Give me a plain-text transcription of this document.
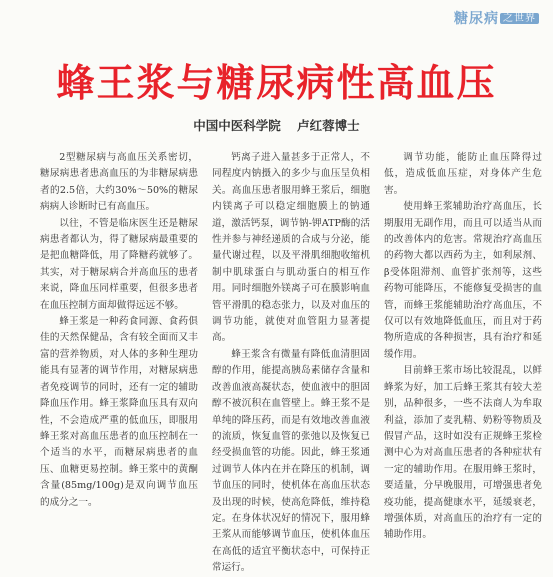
糖尿病 $^{之世界}$
蜂王浆与糖尿病性高血压
中国中医科学院 卢红蓉博士

2型糖尿病与高血压关系密切，糖尿病患者患高血压的为非糖尿病患者的2.5倍，大约30%～50%的糖尿病病人诊断时已有高血压。

以往，不管是临床医生还是糖尿病患者都认为，得了糖尿病最重要的是把血糖降低，用了降糖药就够了。其实，对于糖尿病合并高血压的患者来说，降血压同样重要，但很多患者在血压控制方面却做得远远不够。

蜂王浆是一种药食同源、食药俱佳的天然保健品，含有较全面而又丰富的营养物质，对人体的多种生理功能具有显著的调节作用，对糖尿病患者免疫调节的同时，还有一定的辅助降血压作用。蜂王浆降血压具有双向性，不会造成严重的低血压，即服用蜂王浆对高血压患者的血压控制在一个适当的水平，而糖尿病患者的血压、血糖更易控制。蜂王浆中的黄酮含量(85mg/100g)是双向调节血压的成分之一。

钙离子进入量甚多于正常人，不同程度内钠摄入的多少与血压呈负相关。高血压患者服用蜂王浆后，细胞内镁离子可以稳定细胞膜上的钠通道，激活钙泵，调节钠-钾ATP酶的活性并参与神经递质的合成与分泌，能量代谢过程，以及平滑肌细胞收缩机制中肌球蛋白与肌动蛋白的相互作用。同时细胞外镁离子可在膜影响血管平滑肌的稳态张力，以及对血压的调节功能，就使对血管阻力显著提高。

蜂王浆含有微量有降低血清胆固醇的作用，能提高胰岛素储存含量和改善血液高凝状态，使血液中的胆固醇不被沉积在血管壁上。蜂王浆不是单纯的降压药，而是有效地改善血液的流质，恢复血管的张弛以及恢复已经受损血管的功能。因此，蜂王浆通过调节人体内在并在降压的机制，调节血压的同时，使机体在高血压状态及出现的时候，使高危降低，维持稳定。在身体状况好的情况下，服用蜂王浆从而能够调节血压，使机体血压在高低的适宜平衡状态中，可保持正常运行。

调节功能，能防止血压降得过低，造成低血压症，对身体产生危害。

使用蜂王浆辅助治疗高血压，长期服用无副作用，而且可以适当从而的改善体内的危害。常规治疗高血压的药物大都以西药为主，如利尿剂、β受体阻滞剂、血管扩张剂等，这些药物可能降压，不能修复受损害的血管，而蜂王浆能辅助治疗高血压，不仅可以有效地降低血压，而且对于药物所造成的各种损害，具有治疗和延缓作用。

目前蜂王浆市场比较混乱，以鲜蜂浆为好，加工后蜂王浆其有较大差别，品种很多，一些不法商人为牟取利益，添加了麦乳精、奶粉等物质及假冒产品，这时如没有正规蜂王浆检测中心为对高血压患者的各种症状有一定的辅助作用。在服用蜂王浆时，要适量，分早晚服用，可增强患者免疫功能，提高健康水平，延缓衰老，增强体质，对高血压的治疗有一定的辅助作用。
